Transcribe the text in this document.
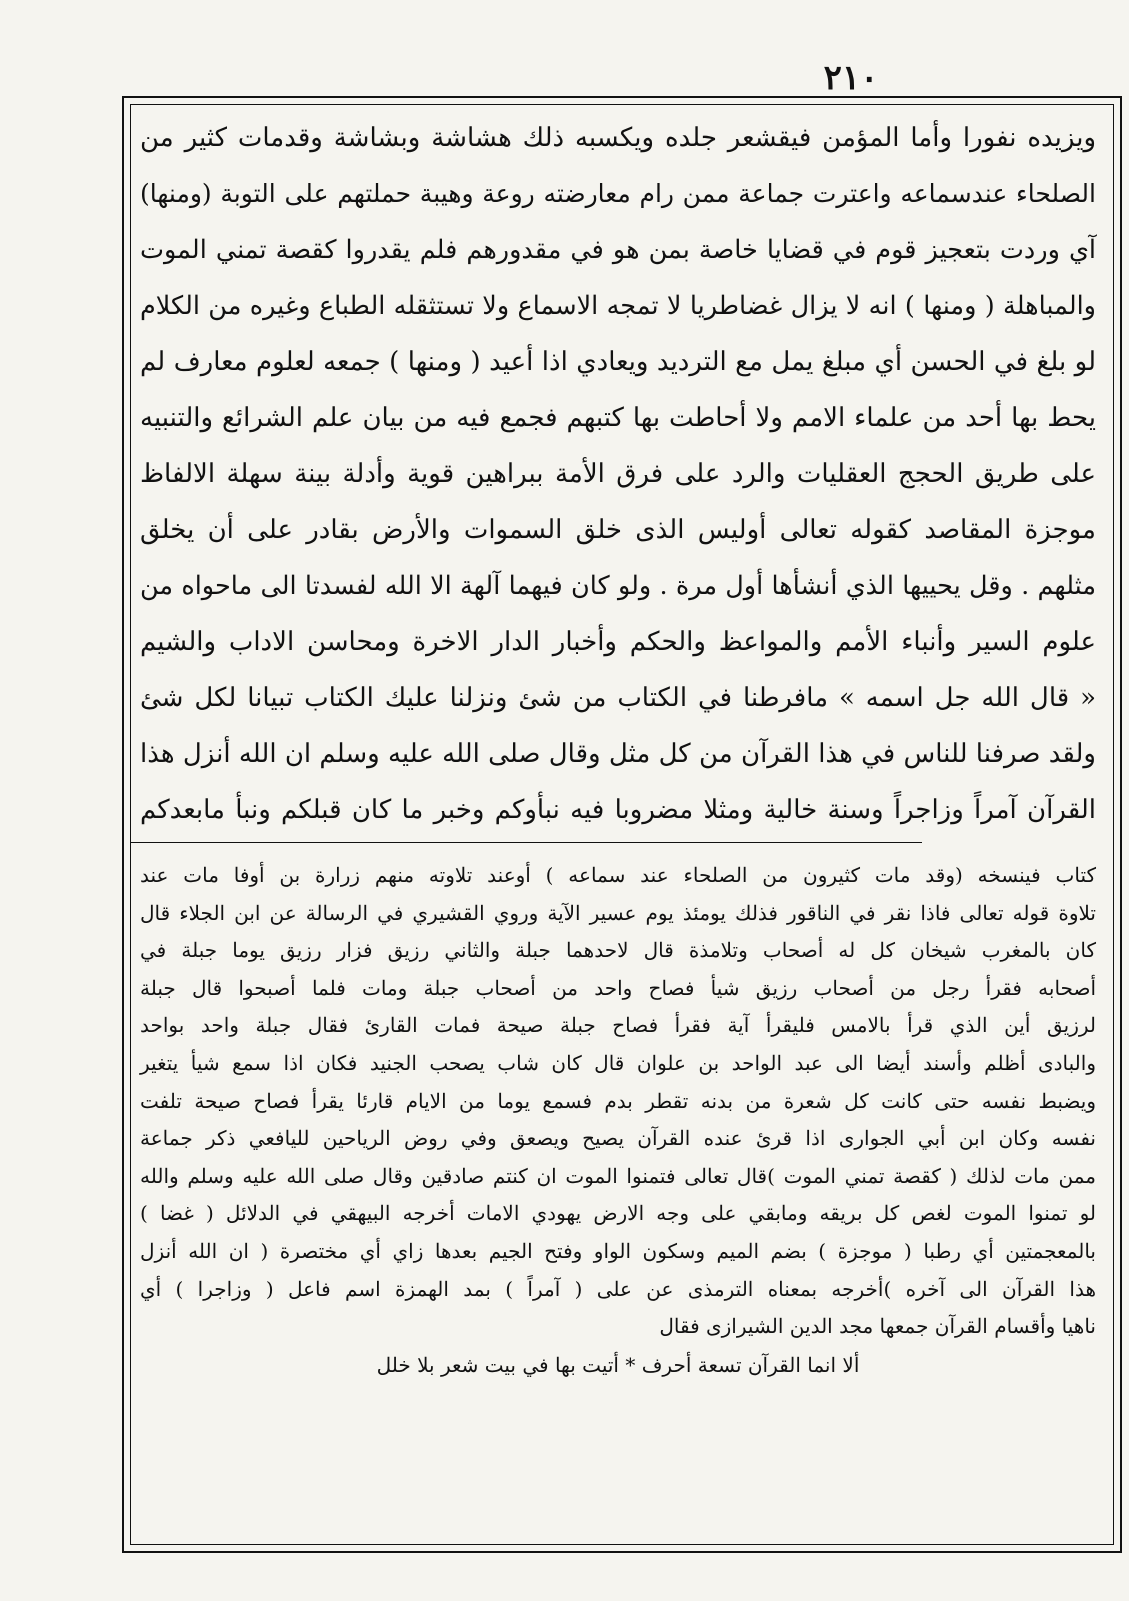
٢١٠
ويزيده نفورا وأما المؤمن فيقشعر جلده ويكسبه ذلك هشاشة وبشاشة وقدمات كثير من
الصلحاء عندسماعه واعترت جماعة ممن رام معارضته روعة وهيبة حملتهم على التوبة (ومنها)
آي وردت بتعجيز قوم في قضايا خاصة بمن هو في مقدورهم فلم يقدروا كقصة تمني الموت
والمباهلة ( ومنها ) انه لا يزال غضاطريا لا تمجه الاسماع ولا تستثقله الطباع وغيره من الكلام
لو بلغ في الحسن أي مبلغ يمل مع الترديد ويعادي اذا أعيد ( ومنها ) جمعه لعلوم معارف لم
يحط بها أحد من علماء الامم ولا أحاطت بها كتبهم فجمع فيه من بيان علم الشرائع والتنبيه
على طريق الحجج العقليات والرد على فرق الأمة ببراهين قوية وأدلة بينة سهلة الالفاظ
موجزة المقاصد كقوله تعالى أوليس الذى خلق السموات والأرض بقادر على أن يخلق
مثلهم . وقل يحييها الذي أنشأها أول مرة . ولو كان فيهما آلهة الا الله لفسدتا الى ماحواه من
علوم السير وأنباء الأمم والمواعظ والحكم وأخبار الدار الاخرة ومحاسن الاداب والشيم
« قال الله جل اسمه » مافرطنا في الكتاب من شئ ونزلنا عليك الكتاب تبيانا لكل شئ
ولقد صرفنا للناس في هذا القرآن من كل مثل وقال صلى الله عليه وسلم ان الله أنزل هذا
القرآن آمراً وزاجراً وسنة خالية ومثلا مضروبا فيه نبأوكم وخبر ما كان قبلكم ونبأ مابعدكم
كتاب فينسخه (وقد مات كثيرون من الصلحاء عند سماعه ) أوعند تلاوته منهم زرارة بن أوفا مات عند
تلاوة قوله تعالى فاذا نقر في الناقور فذلك يومئذ يوم عسير الآية وروي القشيري في الرسالة عن ابن الجلاء قال
كان بالمغرب شيخان كل له أصحاب وتلامذة قال لاحدهما جبلة والثاني رزيق فزار رزيق يوما جبلة في
أصحابه فقرأ رجل من أصحاب رزيق شيأ فصاح واحد من أصحاب جبلة ومات فلما أصبحوا قال جبلة
لرزيق أين الذي قرأ بالامس فليقرأ آية فقرأ فصاح جبلة صيحة فمات القارئ فقال جبلة واحد بواحد
والبادى أظلم وأسند أيضا الى عبد الواحد بن علوان قال كان شاب يصحب الجنيد فكان اذا سمع شيأ يتغير
ويضبط نفسه حتى كانت كل شعرة من بدنه تقطر بدم فسمع يوما من الايام قارئا يقرأ فصاح صيحة تلفت
نفسه وكان ابن أبي الجوارى اذا قرئ عنده القرآن يصيح ويصعق وفي روض الرياحين لليافعي ذكر جماعة
ممن مات لذلك ( كقصة تمني الموت )قال تعالى فتمنوا الموت ان كنتم صادقين وقال صلى الله عليه وسلم والله
لو تمنوا الموت لغص كل بريقه ومابقي على وجه الارض يهودي الامات أخرجه البيهقي في الدلائل ( غضا )
بالمعجمتين أي رطبا ( موجزة ) بضم الميم وسكون الواو وفتح الجيم بعدها زاي أي مختصرة ( ان الله أنزل
هذا القرآن الى آخره )أخرجه بمعناه الترمذى عن على ( آمراً ) بمد الهمزة اسم فاعل ( وزاجرا ) أي
ناهيا وأقسام القرآن جمعها مجد الدين الشيرازى فقال
ألا انما القرآن تسعة أحرف * أتيت بها في بيت شعر بلا خلل
